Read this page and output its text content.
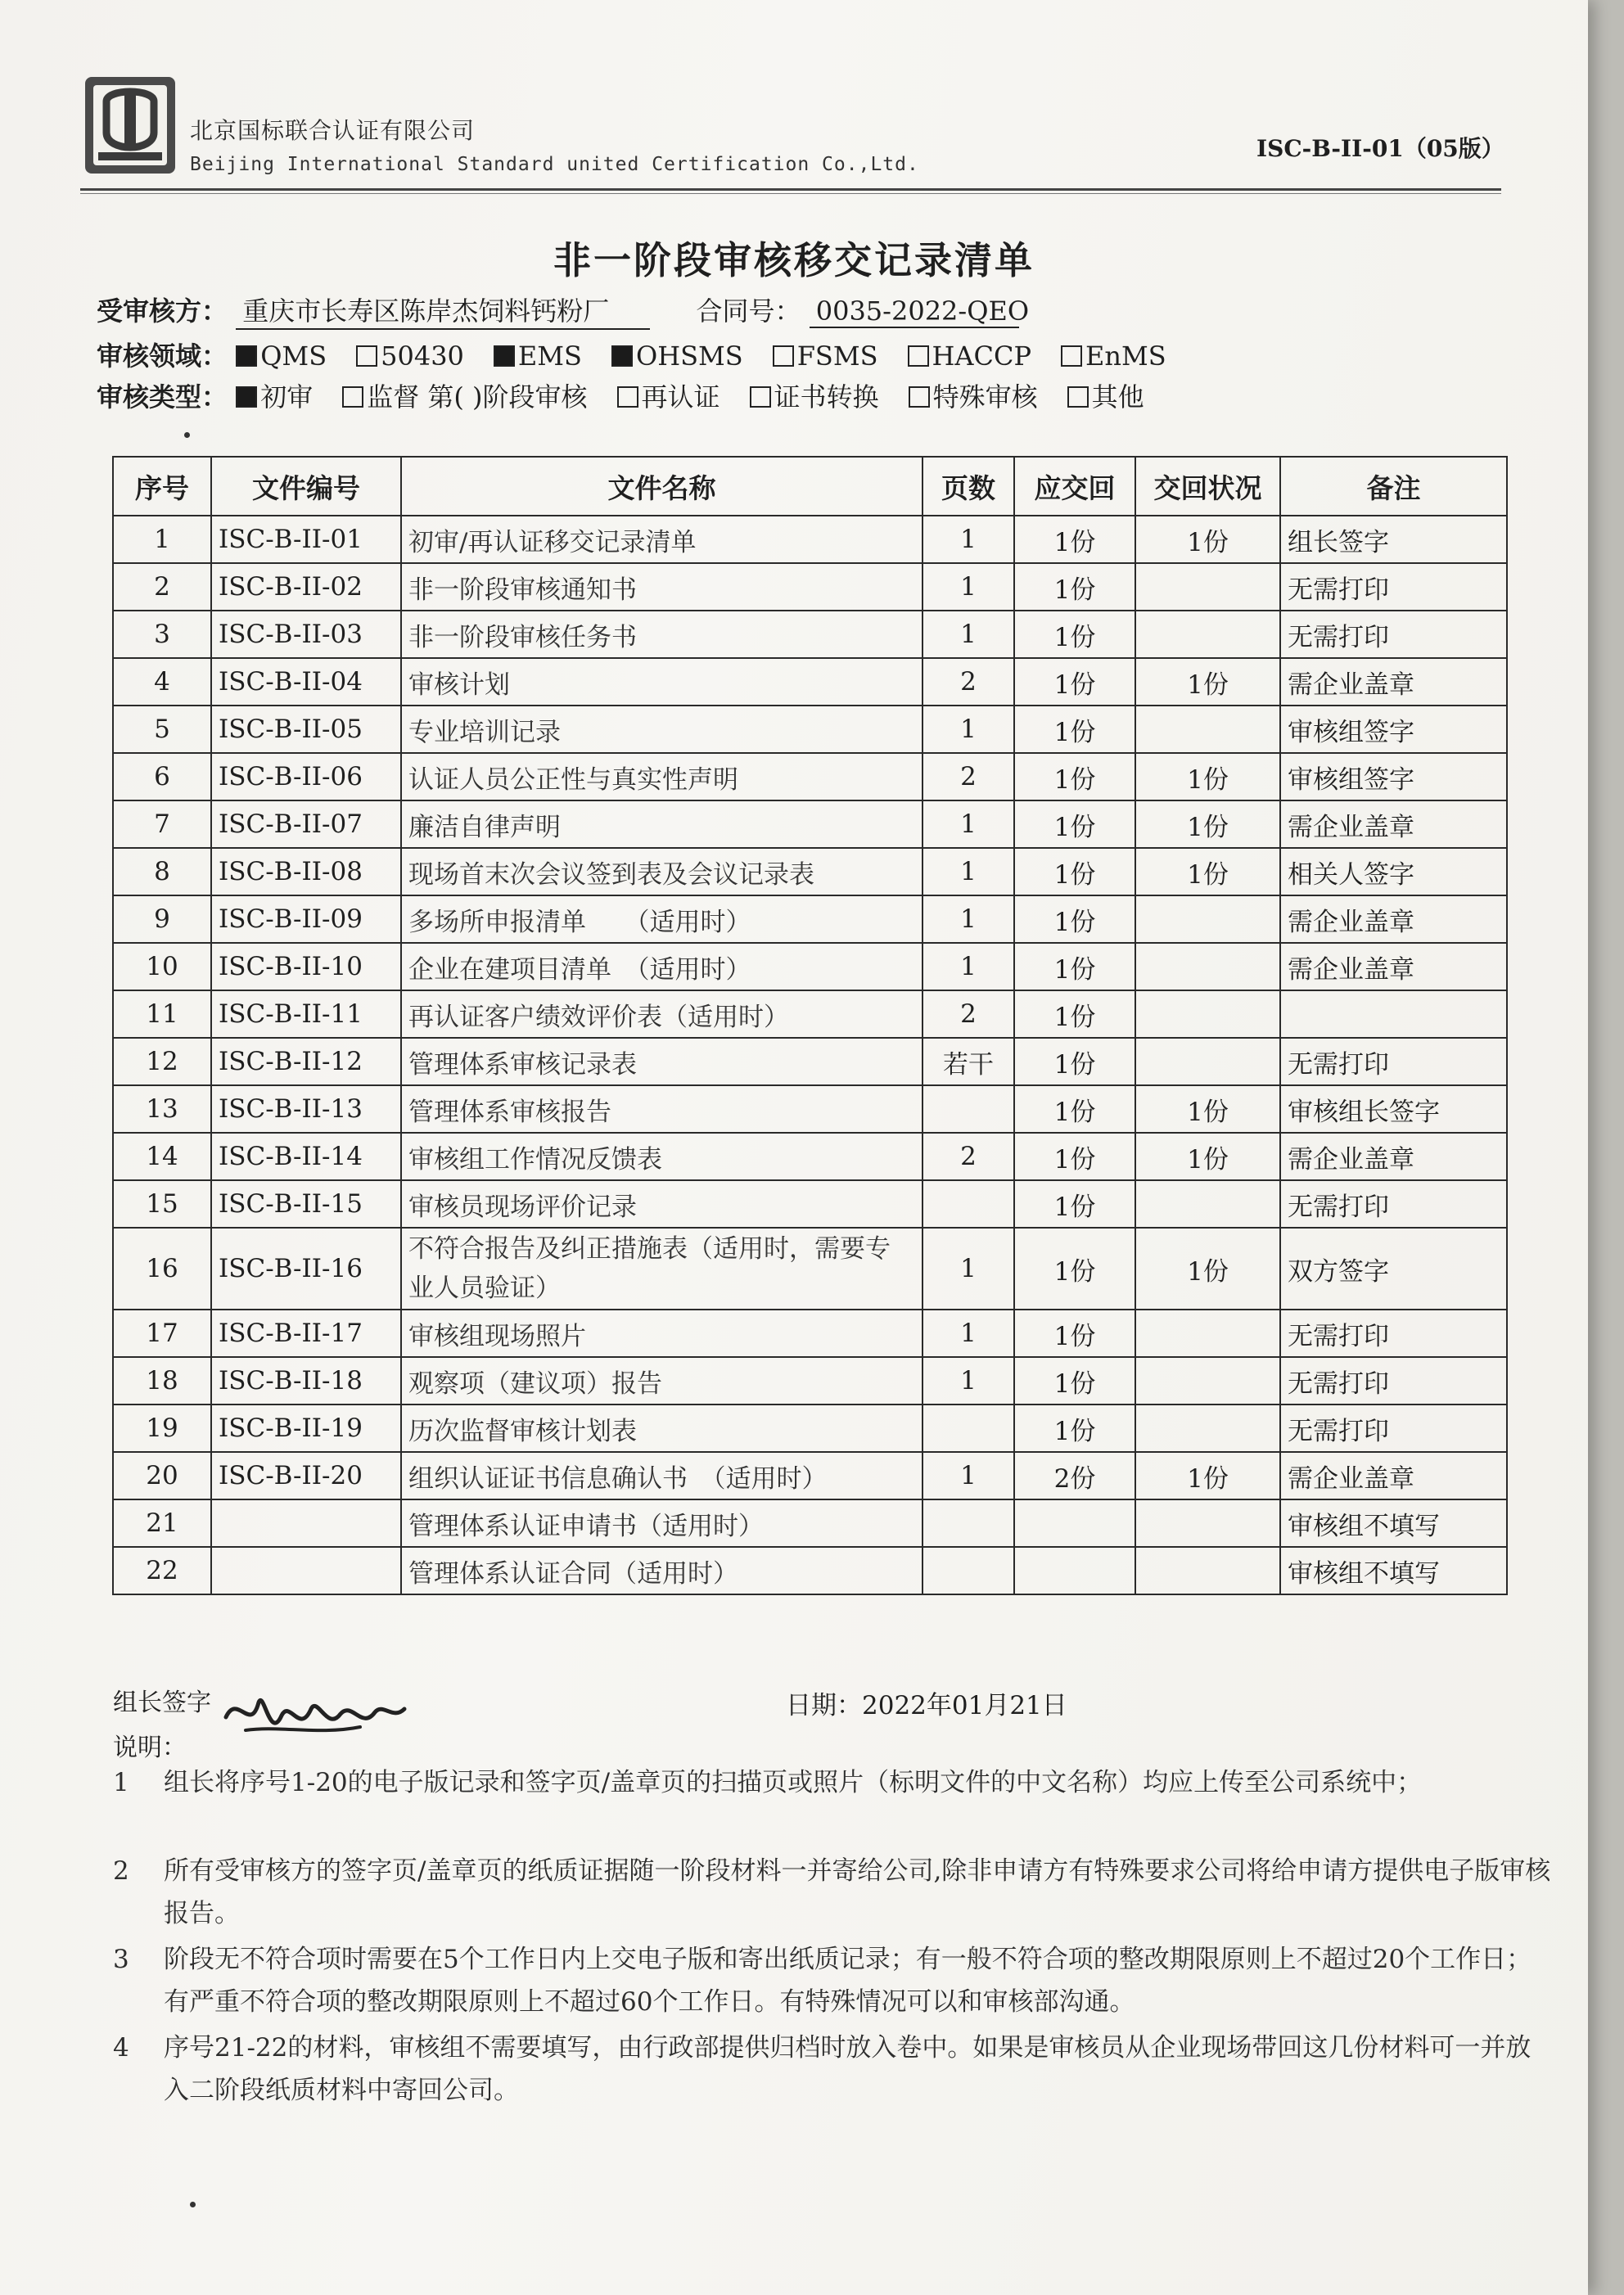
北京国标联合认证有限公司
Beijing International Standard united Certification Co.,Ltd.
ISC-B-II-01（05版）
非一阶段审核移交记录清单
受审核方： 重庆市长寿区陈岸杰饲料钙粉厂	合同号： 0035-2022-QEO
审核领域： QMS 50430 EMS OHSMS FSMS HACCP EnMS
审核类型： 初审 监督 第( )阶段审核 再认证 证书转换 特殊审核 其他
序号	文件编号	文件名称	页数	应交回	交回状况	备注
1	ISC-B-II-01	初审/再认证移交记录清单	1	1份	1份	组长签字
2	ISC-B-II-02	非一阶段审核通知书	1	1份		无需打印
3	ISC-B-II-03	非一阶段审核任务书	1	1份		无需打印
4	ISC-B-II-04	审核计划	2	1份	1份	需企业盖章
5	ISC-B-II-05	专业培训记录	1	1份		审核组签字
6	ISC-B-II-06	认证人员公正性与真实性声明	2	1份	1份	审核组签字
7	ISC-B-II-07	廉洁自律声明	1	1份	1份	需企业盖章
8	ISC-B-II-08	现场首末次会议签到表及会议记录表	1	1份	1份	相关人签字
9	ISC-B-II-09	多场所申报清单　　（适用时）	1	1份		需企业盖章
10	ISC-B-II-10	企业在建项目清单　（适用时）	1	1份		需企业盖章
11	ISC-B-II-11	再认证客户绩效评价表（适用时）	2	1份		
12	ISC-B-II-12	管理体系审核记录表	若干	1份		无需打印
13	ISC-B-II-13	管理体系审核报告		1份	1份	审核组长签字
14	ISC-B-II-14	审核组工作情况反馈表	2	1份	1份	需企业盖章
15	ISC-B-II-15	审核员现场评价记录		1份		无需打印
16	ISC-B-II-16	不符合报告及纠正措施表（适用时，需要专业人员验证）	1	1份	1份	双方签字
17	ISC-B-II-17	审核组现场照片	1	1份		无需打印
18	ISC-B-II-18	观察项（建议项）报告	1	1份		无需打印
19	ISC-B-II-19	历次监督审核计划表		1份		无需打印
20	ISC-B-II-20	组织认证证书信息确认书　（适用时）	1	2份	1份	需企业盖章
21		管理体系认证申请书（适用时）				审核组不填写
22		管理体系认证合同（适用时）				审核组不填写
组长签字	日期：2022年01月21日
说明：
1 组长将序号1-20的电子版记录和签字页/盖章页的扫描页或照片（标明文件的中文名称）均应上传至公司系统中；
2 所有受审核方的签字页/盖章页的纸质证据随一阶段材料一并寄给公司,除非申请方有特殊要求公司将给申请方提供电子版审核报告。
3 阶段无不符合项时需要在5个工作日内上交电子版和寄出纸质记录；有一般不符合项的整改期限原则上不超过20个工作日；有严重不符合项的整改期限原则上不超过60个工作日。有特殊情况可以和审核部沟通。
4 序号21-22的材料，审核组不需要填写，由行政部提供归档时放入卷中。如果是审核员从企业现场带回这几份材料可一并放入二阶段纸质材料中寄回公司。
